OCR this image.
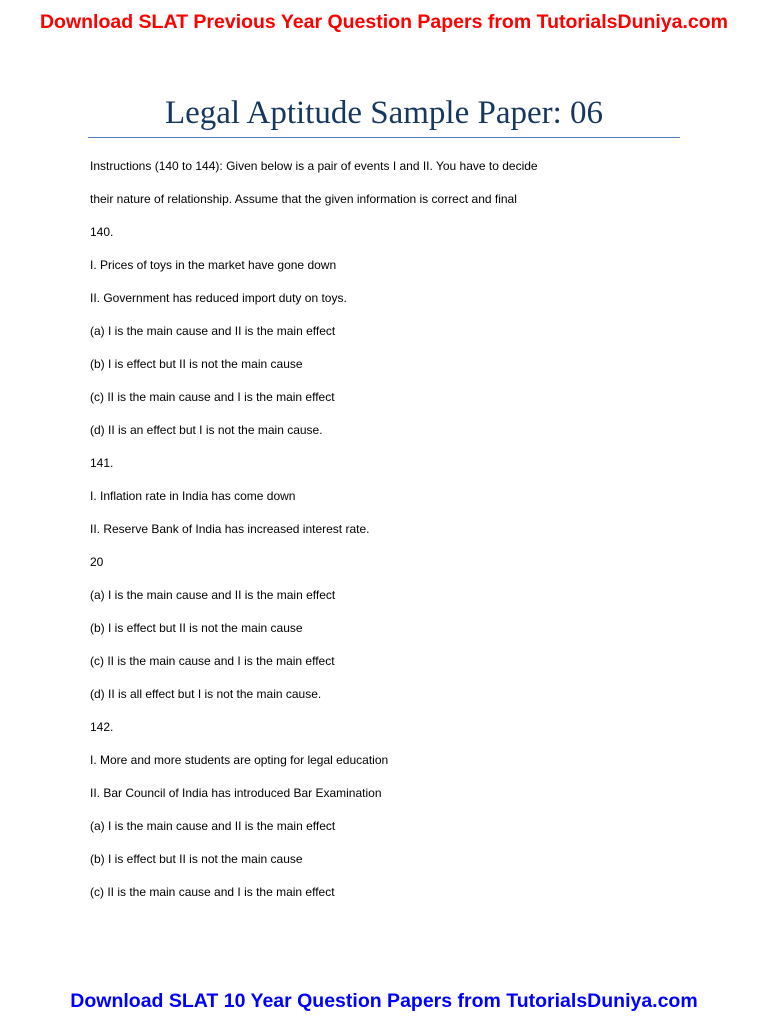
Download SLAT Previous Year Question Papers from TutorialsDuniya.com
Legal Aptitude Sample Paper: 06
Instructions (140 to 144): Given below is a pair of events I and II. You have to decide
their nature of relationship. Assume that the given information is correct and final
140.
I. Prices of toys in the market have gone down
II. Government has reduced import duty on toys.
(a) I is the main cause and II is the main effect
(b) I is effect but II is not the main cause
(c) II is the main cause and I is the main effect
(d) II is an effect but I is not the main cause.
141.
I. Inflation rate in India has come down
II. Reserve Bank of India has increased interest rate.
20
(a) I is the main cause and II is the main effect
(b) I is effect but II is not the main cause
(c) II is the main cause and I is the main effect
(d) II is all effect but I is not the main cause.
142.
I. More and more students are opting for legal education
II. Bar Council of India has introduced Bar Examination
(a) I is the main cause and II is the main effect
(b) I is effect but II is not the main cause
(c) II is the main cause and I is the main effect
Download SLAT 10 Year Question Papers from TutorialsDuniya.com
